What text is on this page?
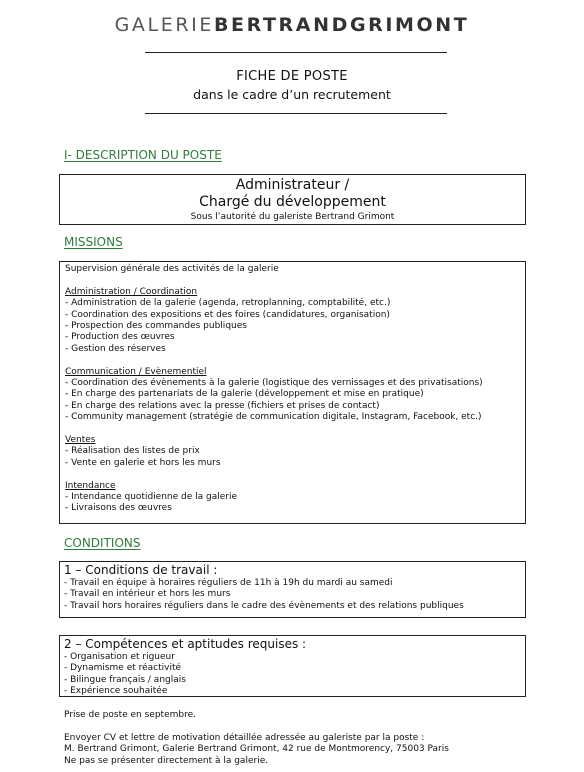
GALERIEBERTRANDGRIMONT
FICHE DE POSTE
dans le cadre d’un recrutement
I- DESCRIPTION DU POSTE
Administrateur /
Chargé du développement
Sous l’autorité du galeriste Bertrand Grimont
MISSIONS
Supervision générale des activités de la galerie
Administration / Coordination
- Administration de la galerie (agenda, retroplanning, comptabilité, etc.)
- Coordination des expositions et des foires (candidatures, organisation)
- Prospection des commandes publiques
- Production des œuvres
- Gestion des réserves
Communication / Evènementiel
- Coordination des évènements à la galerie (logistique des vernissages et des privatisations)
- En charge des partenariats de la galerie (développement et mise en pratique)
- En charge des relations avec la presse (fichiers et prises de contact)
- Community management (stratégie de communication digitale, Instagram, Facebook, etc.)
Ventes
- Réalisation des listes de prix
- Vente en galerie et hors les murs
Intendance
- Intendance quotidienne de la galerie
- Livraisons des œuvres
CONDITIONS
1 – Conditions de travail :
- Travail en équipe à horaires réguliers de 11h à 19h du mardi au samedi
- Travail en intérieur et hors les murs
- Travail hors horaires réguliers dans le cadre des évènements et des relations publiques
2 – Compétences et aptitudes requises :
- Organisation et rigueur
- Dynamisme et réactivité
- Bilingue français / anglais
- Expérience souhaitée
Prise de poste en septembre.
Envoyer CV et lettre de motivation détaillée adressée au galeriste par la poste :
M. Bertrand Grimont, Galerie Bertrand Grimont, 42 rue de Montmorency, 75003 Paris
Ne pas se présenter directement à la galerie.
